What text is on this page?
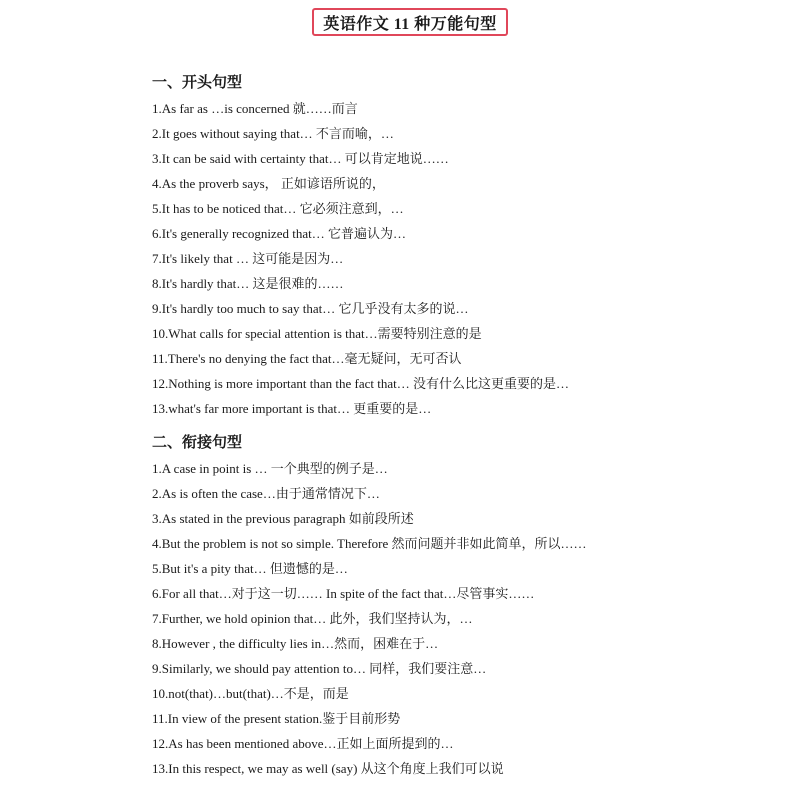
英语作文 11 种万能句型
一、开头句型
1.As far as …is concerned 就……而言
2.It goes without saying that… 不言而喻，…
3.It can be said with certainty that… 可以肯定地说……
4.As the proverb says， 正如谚语所说的，
5.It has to be noticed that… 它必须注意到，…
6.It's generally recognized that… 它普遍认为…
7.It's likely that … 这可能是因为…
8.It's hardly that… 这是很难的……
9.It's hardly too much to say that… 它几乎没有太多的说…
10.What calls for special attention is that…需要特别注意的是
11.There's no denying the fact that…毫无疑问，无可否认
12.Nothing is more important than the fact that… 没有什么比这更重要的是…
13.what's far more important is that… 更重要的是…
二、衔接句型
1.A case in point is … 一个典型的例子是…
2.As is often the case…由于通常情况下…
3.As stated in the previous paragraph 如前段所述
4.But the problem is not so simple. Therefore 然而问题并非如此简单，所以……
5.But it's a pity that… 但遗憾的是…
6.For all that…对于这一切…… In spite of the fact that…尽管事实……
7.Further, we hold opinion that… 此外，我们坚持认为，…
8.However , the difficulty lies in…然而，困难在于…
9.Similarly, we should pay attention to… 同样，我们要注意…
10.not(that)…but(that)…不是，而是
11.In view of the present station.鉴于目前形势
12.As has been mentioned above…正如上面所提到的…
13.In this respect, we may as well (say) 从这个角度上我们可以说
